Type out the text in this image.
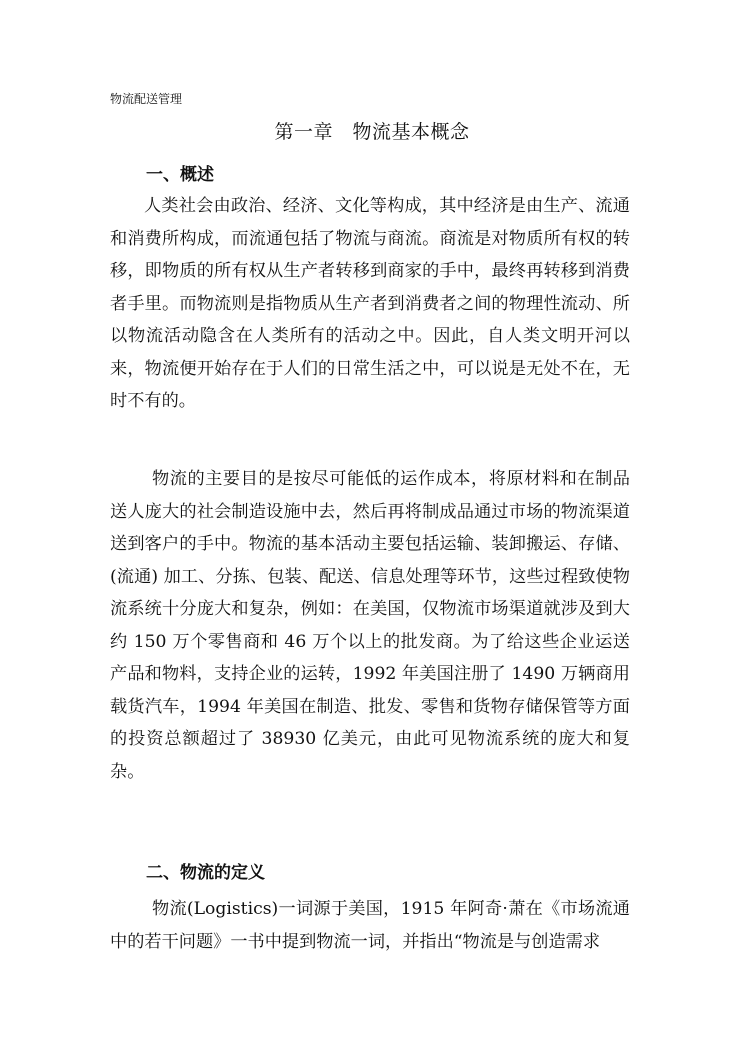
物流配送管理
第一章　物流基本概念
一、概述

人类社会由政治、经济、文化等构成，其中经济是由生产、流通和消费所构成，而流通包括了物流与商流。商流是对物质所有权的转移，即物质的所有权从生产者转移到商家的手中，最终再转移到消费者手里。而物流则是指物质从生产者到消费者之间的物理性流动、所以物流活动隐含在人类所有的活动之中。因此，自人类文明开河以来，物流便开始存在于人们的日常生活之中，可以说是无处不在，无时不有的。

物流的主要目的是按尽可能低的运作成本，将原材料和在制品送人庞大的社会制造设施中去，然后再将制成品通过市场的物流渠道送到客户的手中。物流的基本活动主要包括运输、装卸搬运、存储、(流通) 加工、分拣、包装、配送、信息处理等环节，这些过程致使物流系统十分庞大和复杂，例如：在美国，仅物流市场渠道就涉及到大约 150 万个零售商和 46 万个以上的批发商。为了给这些企业运送产品和物料，支持企业的运转，1992 年美国注册了 1490 万辆商用载货汽车，1994 年美国在制造、批发、零售和货物存储保管等方面的投资总额超过了 38930 亿美元，由此可见物流系统的庞大和复杂。

二、物流的定义

物流(Logistics)一词源于美国，1915 年阿奇·萧在《市场流通中的若干问题》一书中提到物流一词，并指出“物流是与创造需求
